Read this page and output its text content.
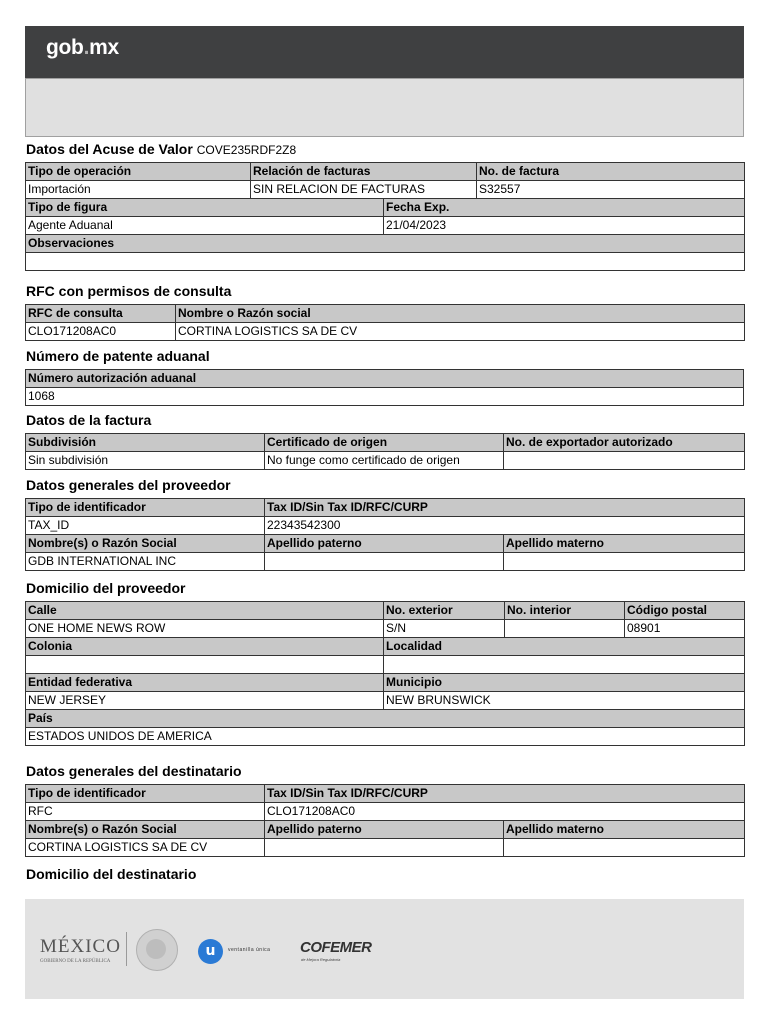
gob.mx
Datos del Acuse de Valor COVE235RDF2Z8
Tipo de operación	Relación de facturas		No. de factura
Importación	SIN RELACION DE FACTURAS		S32557
Tipo de figura		Fecha Exp.	
Agente Aduanal		21/04/2023	
Observaciones			

RFC con permisos de consulta
RFC de consulta	Nombre o Razón social
CLO171208AC0	CORTINA LOGISTICS SA DE CV
Número de patente aduanal
Número autorización aduanal
1068
Datos de la factura
Subdivisión	Certificado de origen	No. de exportador autorizado
Sin subdivisión	No funge como certificado de origen	
Datos generales del proveedor
Tipo de identificador	Tax ID/Sin Tax ID/RFC/CURP	
TAX_ID	22343542300	
Nombre(s) o Razón Social	Apellido paterno	Apellido materno
GDB INTERNATIONAL INC		
Domicilio del proveedor
Calle	No. exterior	No. interior	Código postal
ONE HOME NEWS ROW	S/N		08901
Colonia	Localidad		

Entidad federativa	Municipio		
NEW JERSEY	NEW BRUNSWICK		
País			
ESTADOS UNIDOS DE AMERICA			
Datos generales del destinatario
Tipo de identificador	Tax ID/Sin Tax ID/RFC/CURP	
RFC	CLO171208AC0	
Nombre(s) o Razón Social	Apellido paterno	Apellido materno
CORTINA LOGISTICS SA DE CV		
Domicilio del destinatario
MÉXICO
GOBIERNO DE LA REPÚBLICA
u	ventanilla única COFEMER
de Mejora Regulatoria
